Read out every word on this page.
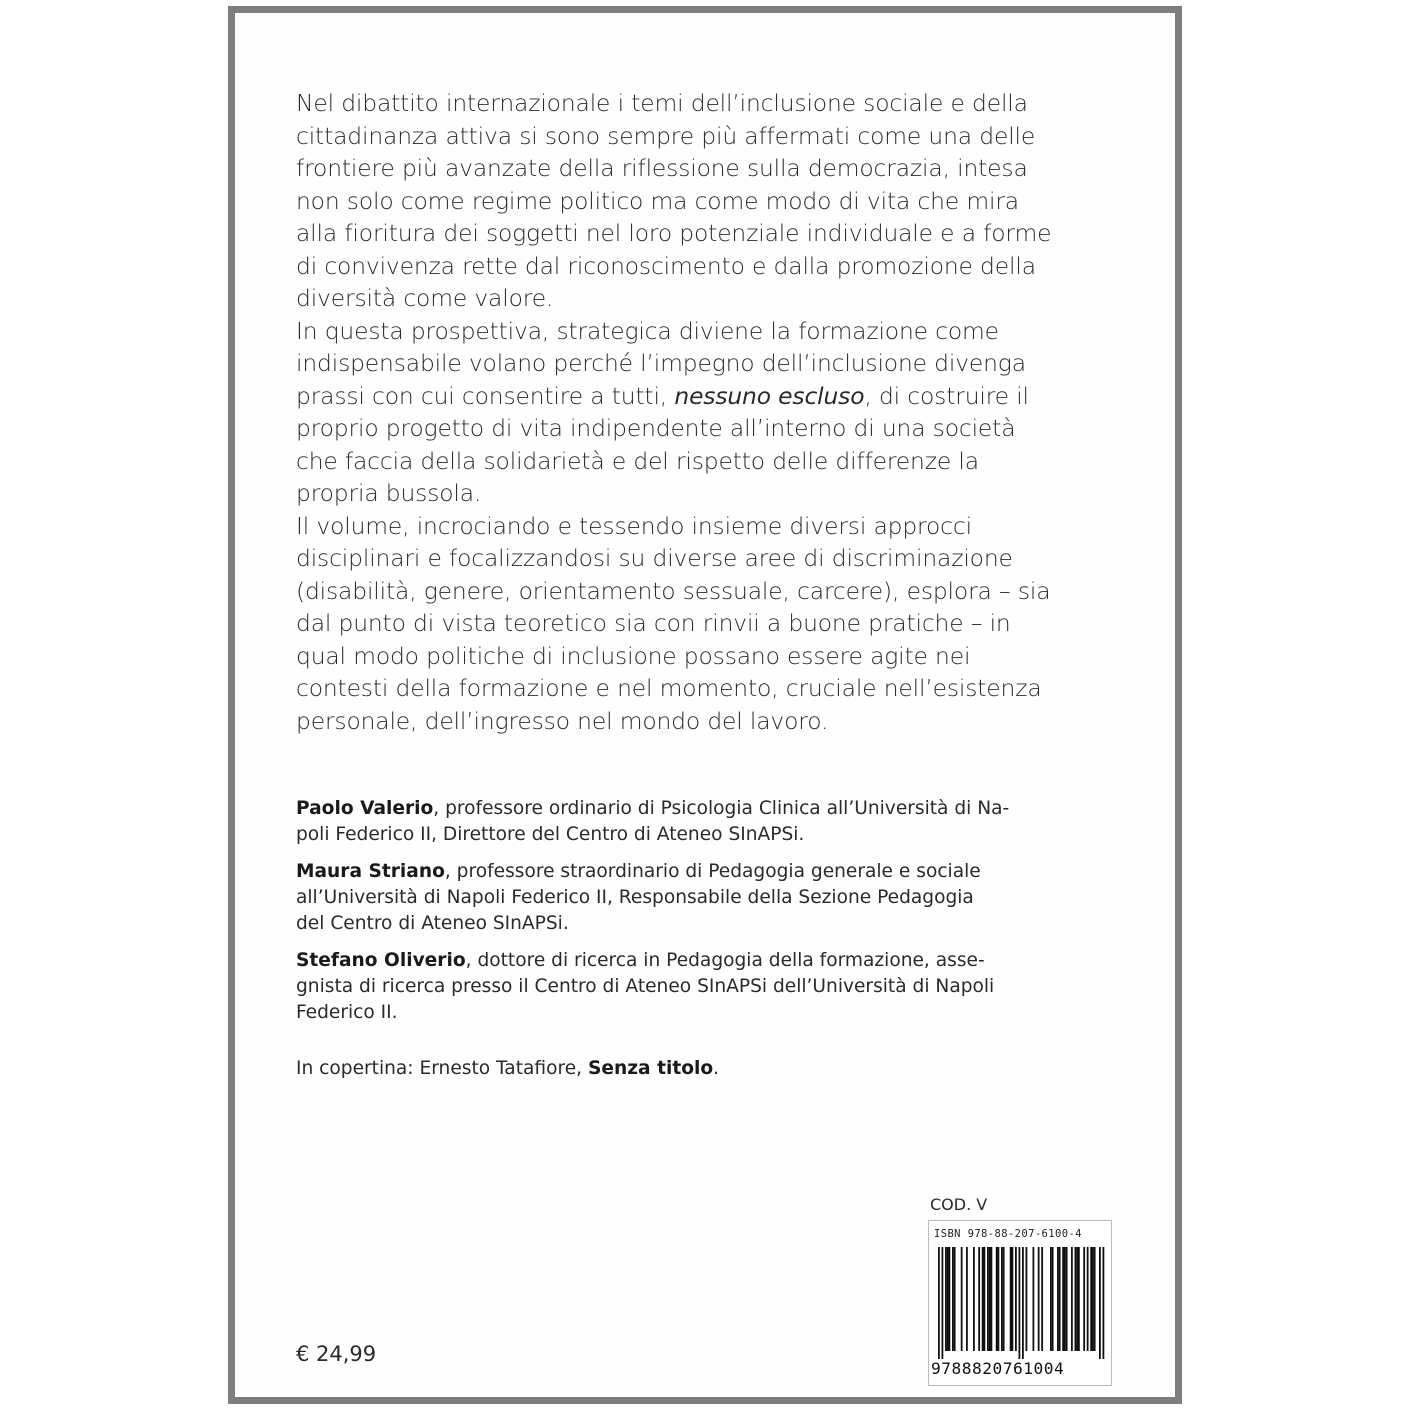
Nel dibattito internazionale i temi dell’inclusione sociale e della
cittadinanza attiva si sono sempre più affermati come una delle
frontiere più avanzate della riflessione sulla democrazia, intesa
non solo come regime politico ma come modo di vita che mira
alla fioritura dei soggetti nel loro potenziale individuale e a forme
di convivenza rette dal riconoscimento e dalla promozione della
diversità come valore.

In questa prospettiva, strategica diviene la formazione come
indispensabile volano perché l’impegno dell’inclusione divenga
prassi con cui consentire a tutti, nessuno escluso, di costruire il
proprio progetto di vita indipendente all’interno di una società
che faccia della solidarietà e del rispetto delle differenze la
propria bussola.

Il volume, incrociando e tessendo insieme diversi approcci
disciplinari e focalizzandosi su diverse aree di discriminazione
(disabilità, genere, orientamento sessuale, carcere), esplora – sia
dal punto di vista teoretico sia con rinvii a buone pratiche – in
qual modo politiche di inclusione possano essere agite nei
contesti della formazione e nel momento, cruciale nell’esistenza
personale, dell’ingresso nel mondo del lavoro.

Paolo Valerio, professore ordinario di Psicologia Clinica all’Università di Na-
poli Federico II, Direttore del Centro di Ateneo SInAPSi.

Maura Striano, professore straordinario di Pedagogia generale e sociale
all’Università di Napoli Federico II, Responsabile della Sezione Pedagogia
del Centro di Ateneo SInAPSi.

Stefano Oliverio, dottore di ricerca in Pedagogia della formazione, asse-
gnista di ricerca presso il Centro di Ateneo SInAPSi dell’Università di Napoli
Federico II.

In copertina: Ernesto Tatafiore, Senza titolo.
€ 24,99
COD. V
ISBN 978-88-207-6100-4
9788820761004
